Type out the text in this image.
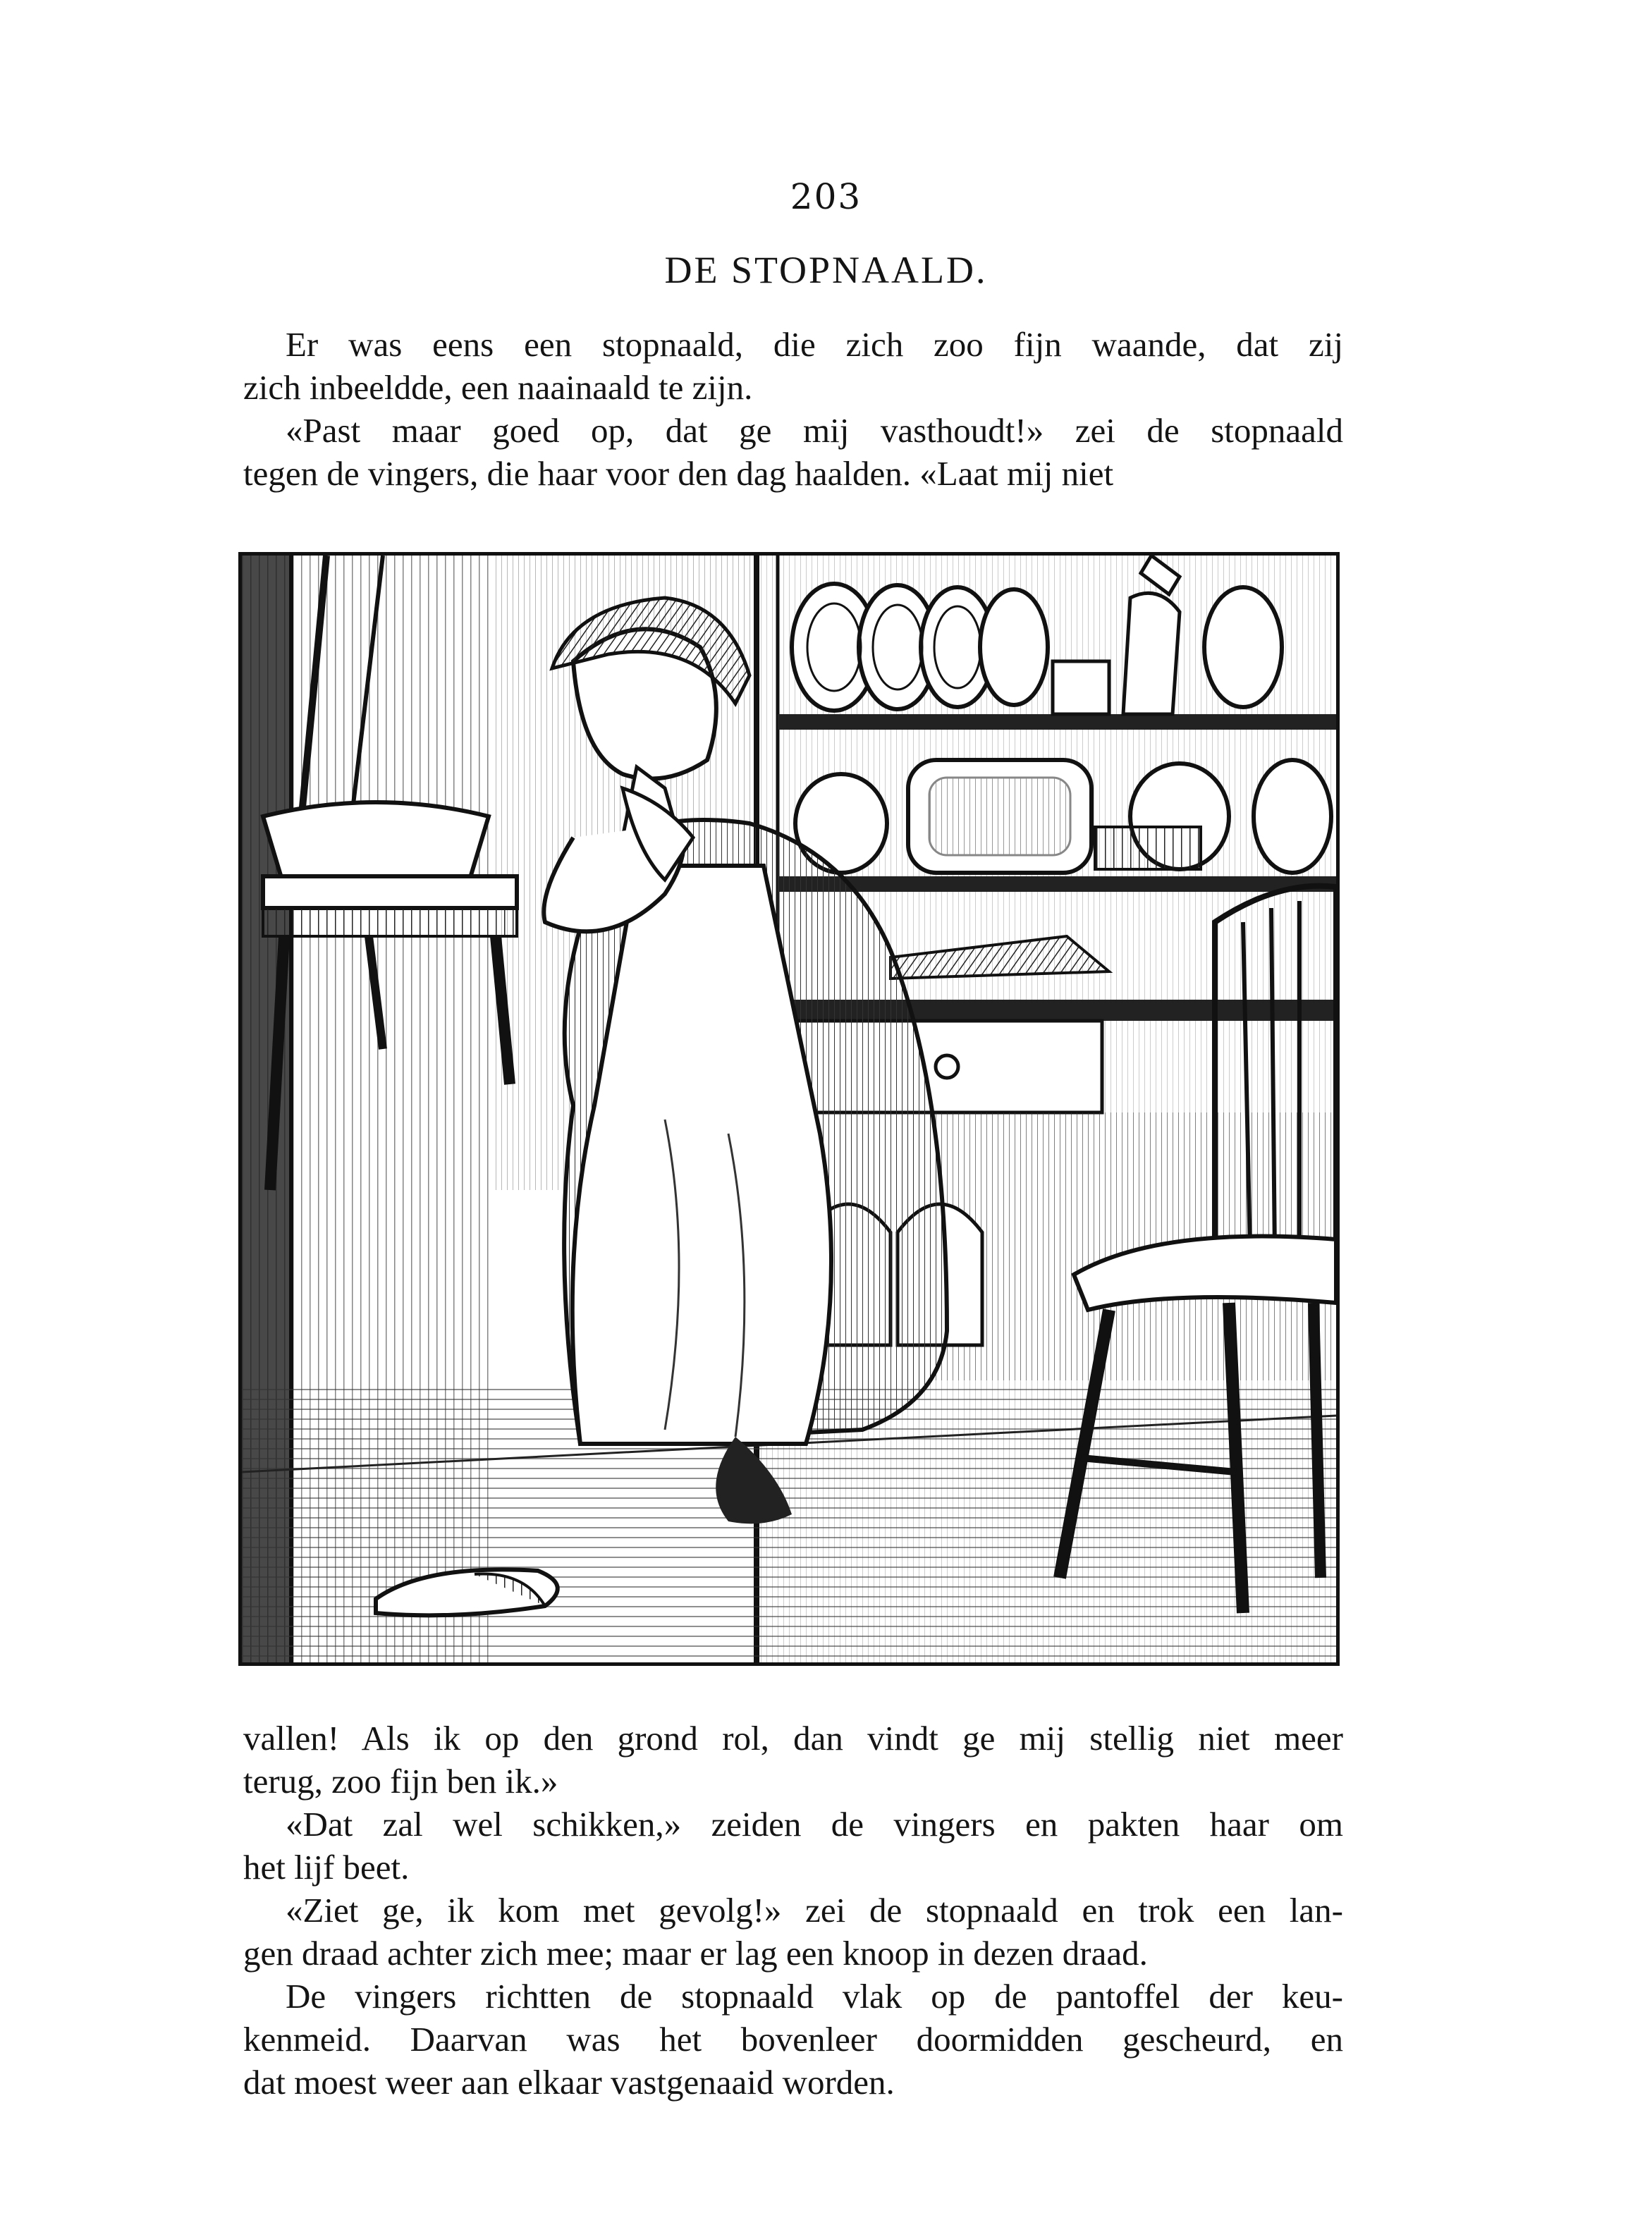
203
DE STOPNAALD.

Er was eens een stopnaald, die zich zoo fijn waande, dat zij
zich inbeeldde, een naainaald te zijn.

«Past maar goed op, dat ge mij vasthoudt!» zei de stopnaald
tegen de vingers, die haar voor den dag haalden. «Laat mij niet

vallen! Als ik op den grond rol, dan vindt ge mij stellig niet meer
terug, zoo fijn ben ik.»

«Dat zal wel schikken,» zeiden de vingers en pakten haar om
het lijf beet.

«Ziet ge, ik kom met gevolg!» zei de stopnaald en trok een lan-
gen draad achter zich mee; maar er lag een knoop in dezen draad.

De vingers richtten de stopnaald vlak op de pantoffel der keu-
kenmeid. Daarvan was het bovenleer doormidden gescheurd, en
dat moest weer aan elkaar vastgenaaid worden.
